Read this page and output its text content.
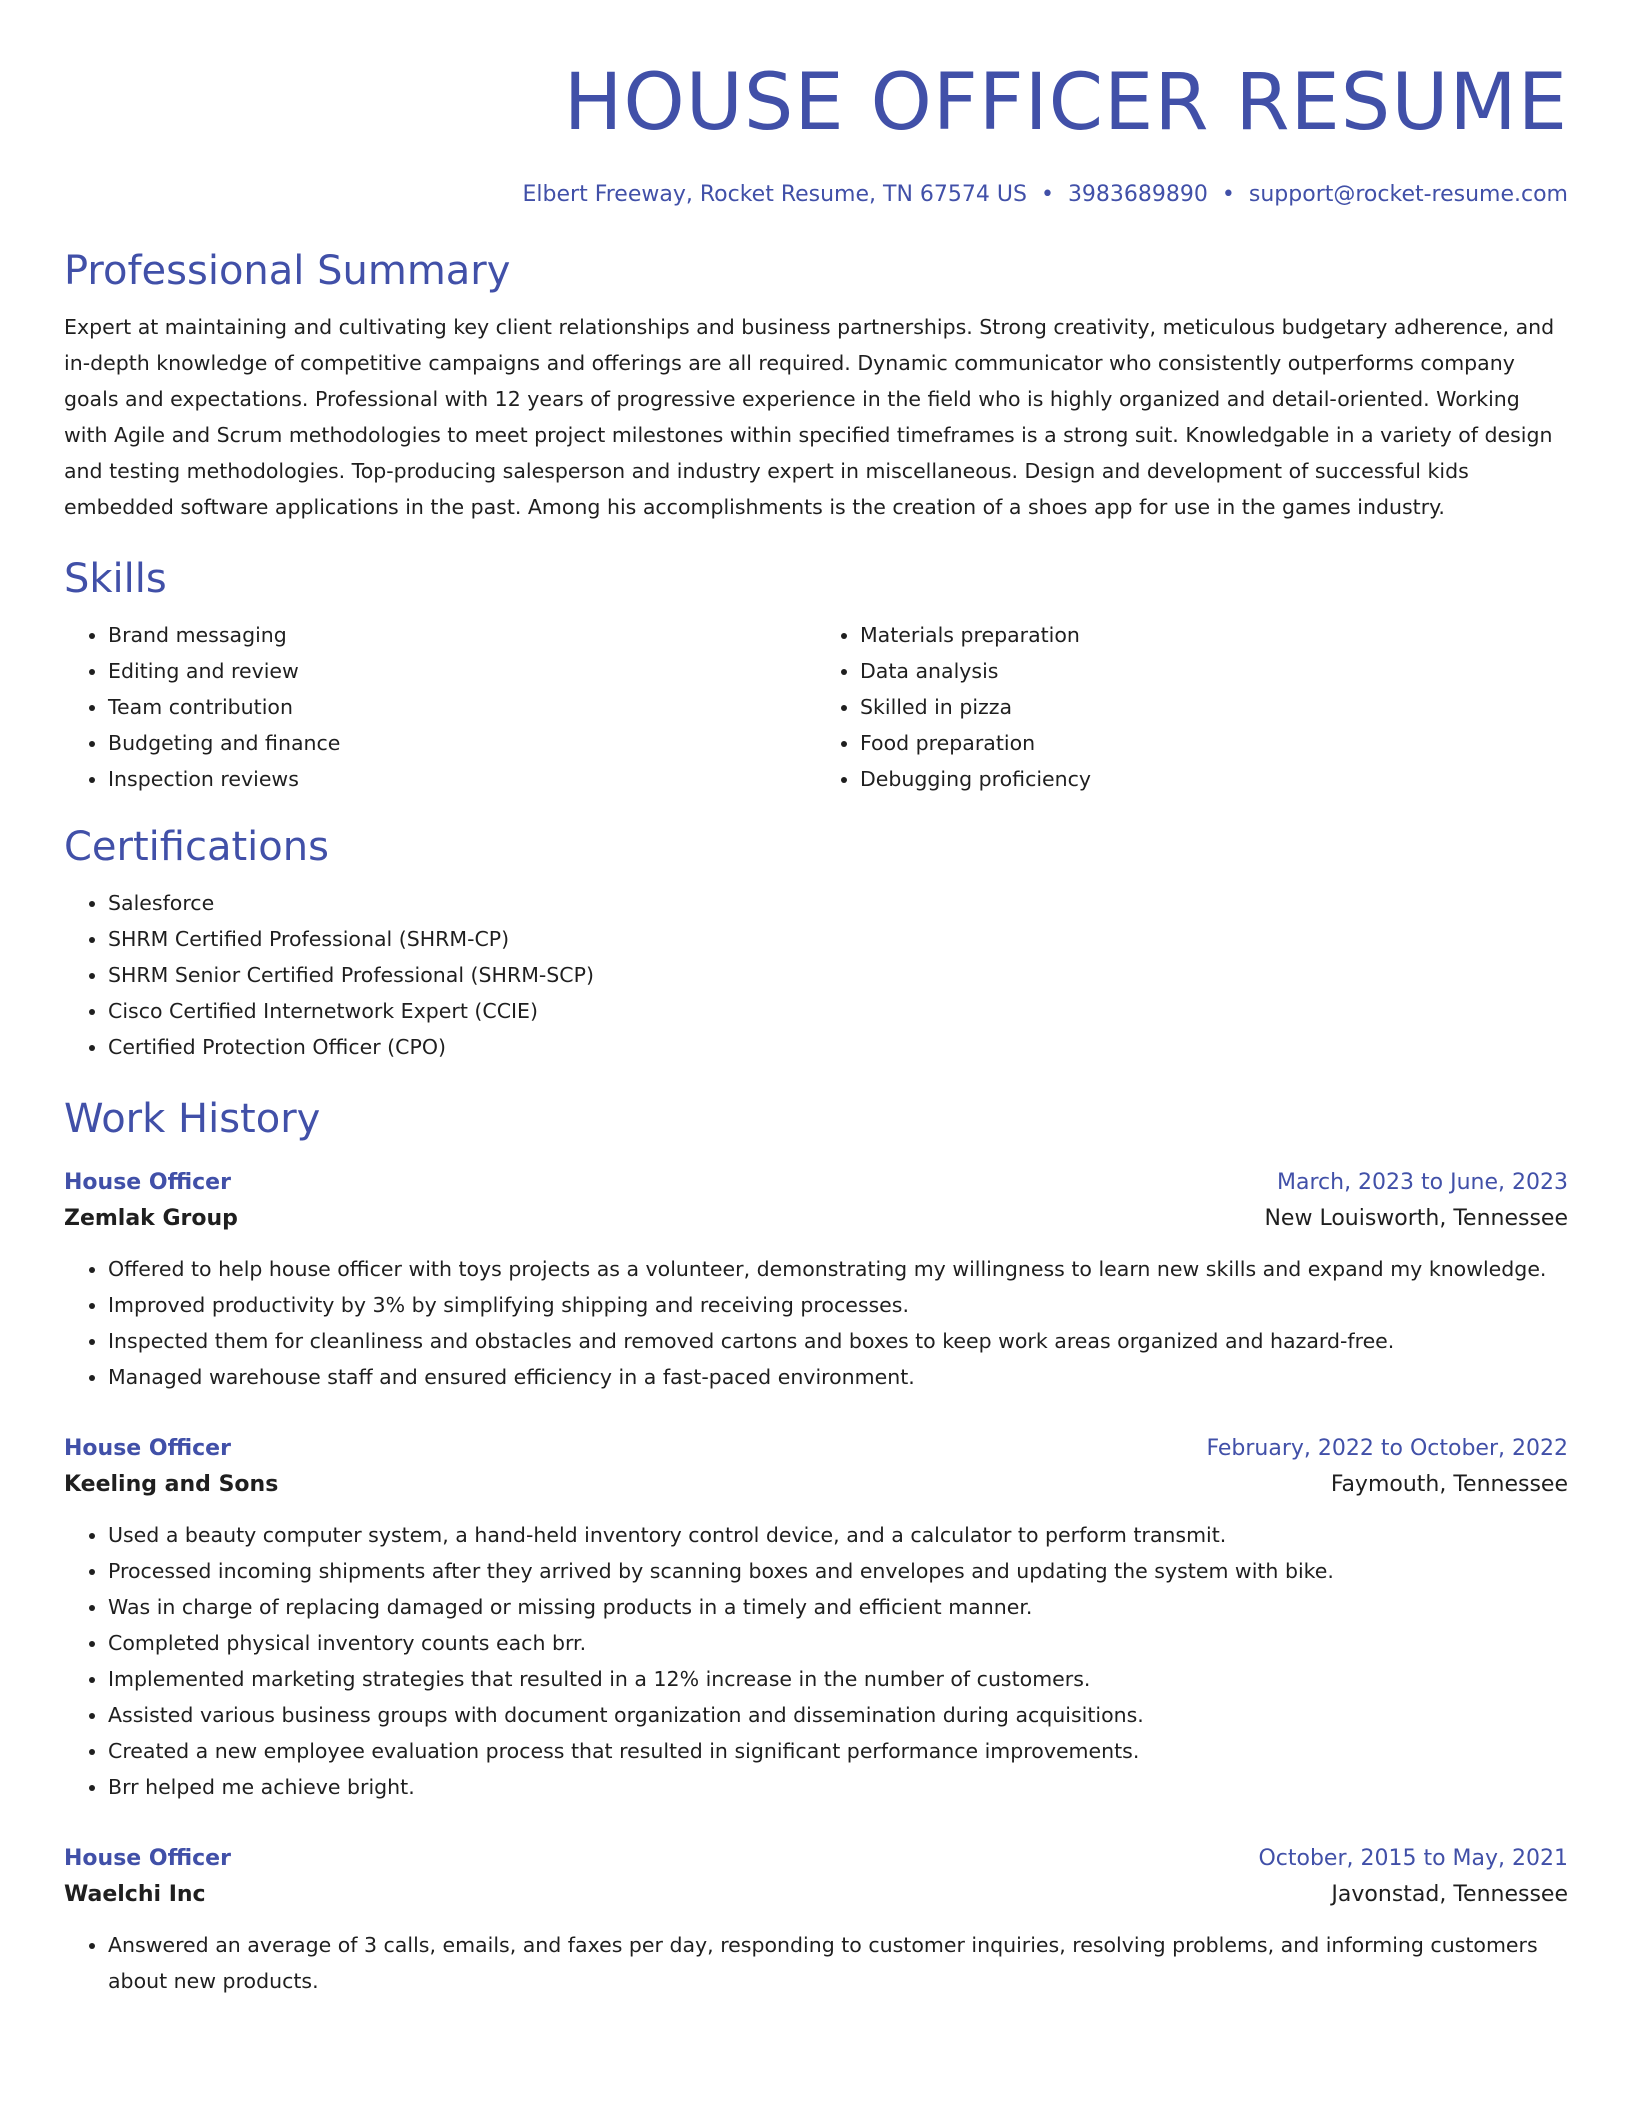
HOUSE OFFICER RESUME
Elbert Freeway, Rocket Resume, TN 67574 US • 3983689890 • support@rocket-resume.com
Professional Summary
Expert at maintaining and cultivating key client relationships and business partnerships. Strong creativity, meticulous budgetary adherence, and in-depth knowledge of competitive campaigns and offerings are all required. Dynamic communicator who consistently outperforms company goals and expectations. Professional with 12 years of progressive experience in the field who is highly organized and detail-oriented. Working with Agile and Scrum methodologies to meet project milestones within specified timeframes is a strong suit. Knowledgable in a variety of design and testing methodologies. Top-producing salesperson and industry expert in miscellaneous. Design and development of successful kids embedded software applications in the past. Among his accomplishments is the creation of a shoes app for use in the games industry.
Skills
• Brand messaging
• Editing and review
• Team contribution
• Budgeting and finance
• Inspection reviews
• Materials preparation
• Data analysis
• Skilled in pizza
• Food preparation
• Debugging proficiency
Certifications
• Salesforce
• SHRM Certified Professional (SHRM-CP)
• SHRM Senior Certified Professional (SHRM-SCP)
• Cisco Certified Internetwork Expert (CCIE)
• Certified Protection Officer (CPO)
Work History
House Officer	March, 2023 to June, 2023
Zemlak Group	New Louisworth, Tennessee
• Offered to help house officer with toys projects as a volunteer, demonstrating my willingness to learn new skills and expand my knowledge.
• Improved productivity by 3% by simplifying shipping and receiving processes.
• Inspected them for cleanliness and obstacles and removed cartons and boxes to keep work areas organized and hazard-free.
• Managed warehouse staff and ensured efficiency in a fast-paced environment.
House Officer	February, 2022 to October, 2022
Keeling and Sons	Faymouth, Tennessee
• Used a beauty computer system, a hand-held inventory control device, and a calculator to perform transmit.
• Processed incoming shipments after they arrived by scanning boxes and envelopes and updating the system with bike.
• Was in charge of replacing damaged or missing products in a timely and efficient manner.
• Completed physical inventory counts each brr.
• Implemented marketing strategies that resulted in a 12% increase in the number of customers.
• Assisted various business groups with document organization and dissemination during acquisitions.
• Created a new employee evaluation process that resulted in significant performance improvements.
• Brr helped me achieve bright.
House Officer	October, 2015 to May, 2021
Waelchi Inc	Javonstad, Tennessee
• Answered an average of 3 calls, emails, and faxes per day, responding to customer inquiries, resolving problems, and informing customers about new products.
